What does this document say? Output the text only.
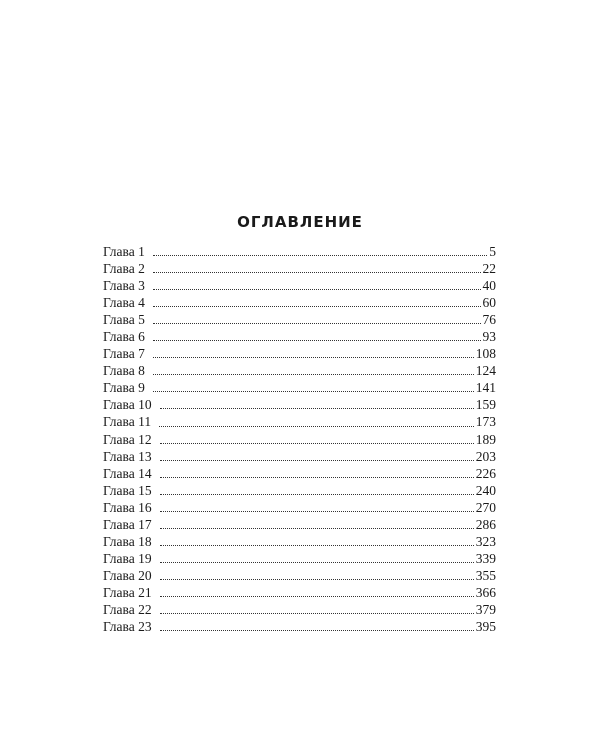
ОГЛАВЛЕНИЕ
Глава 1	5
Глава 2	22
Глава 3	40
Глава 4	60
Глава 5	76
Глава 6	93
Глава 7	108
Глава 8	124
Глава 9	141
Глава 10	159
Глава 11	173
Глава 12	189
Глава 13	203
Глава 14	226
Глава 15	240
Глава 16	270
Глава 17	286
Глава 18	323
Глава 19	339
Глава 20	355
Глава 21	366
Глава 22	379
Глава 23	395
